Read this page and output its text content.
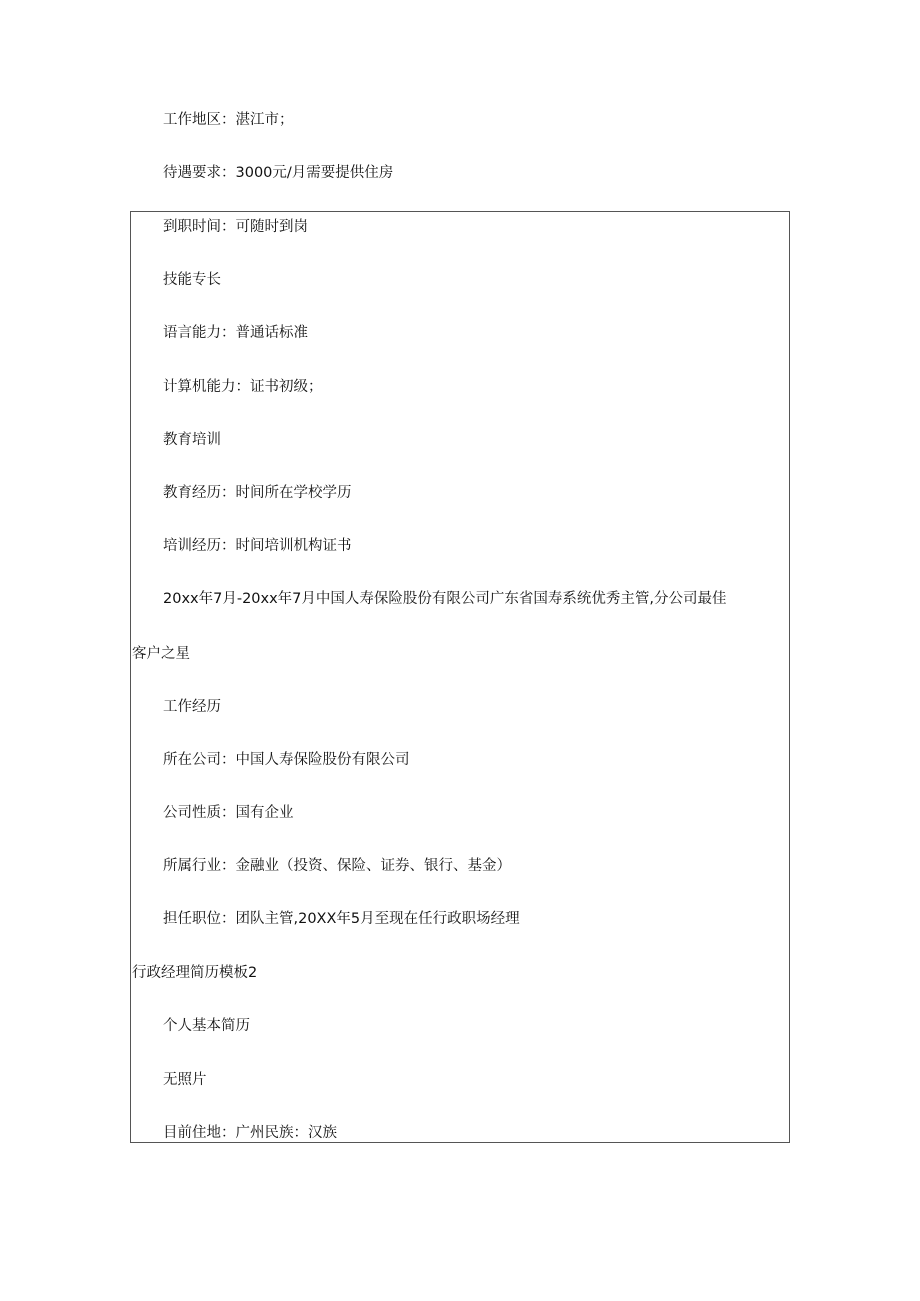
工作地区：湛江市；
待遇要求：3000元/月需要提供住房
到职时间：可随时到岗
技能专长
语言能力：普通话标准
计算机能力：证书初级；
教育培训
教育经历：时间所在学校学历
培训经历：时间培训机构证书
20xx年7月-20xx年7月中国人寿保险股份有限公司广东省国寿系统优秀主管,分公司最佳
客户之星
工作经历
所在公司：中国人寿保险股份有限公司
公司性质：国有企业
所属行业：金融业（投资、保险、证券、银行、基金）
担任职位：团队主管,20XX年5月至现在任行政职场经理
行政经理简历模板2
个人基本简历
无照片
目前住地：广州民族：汉族
